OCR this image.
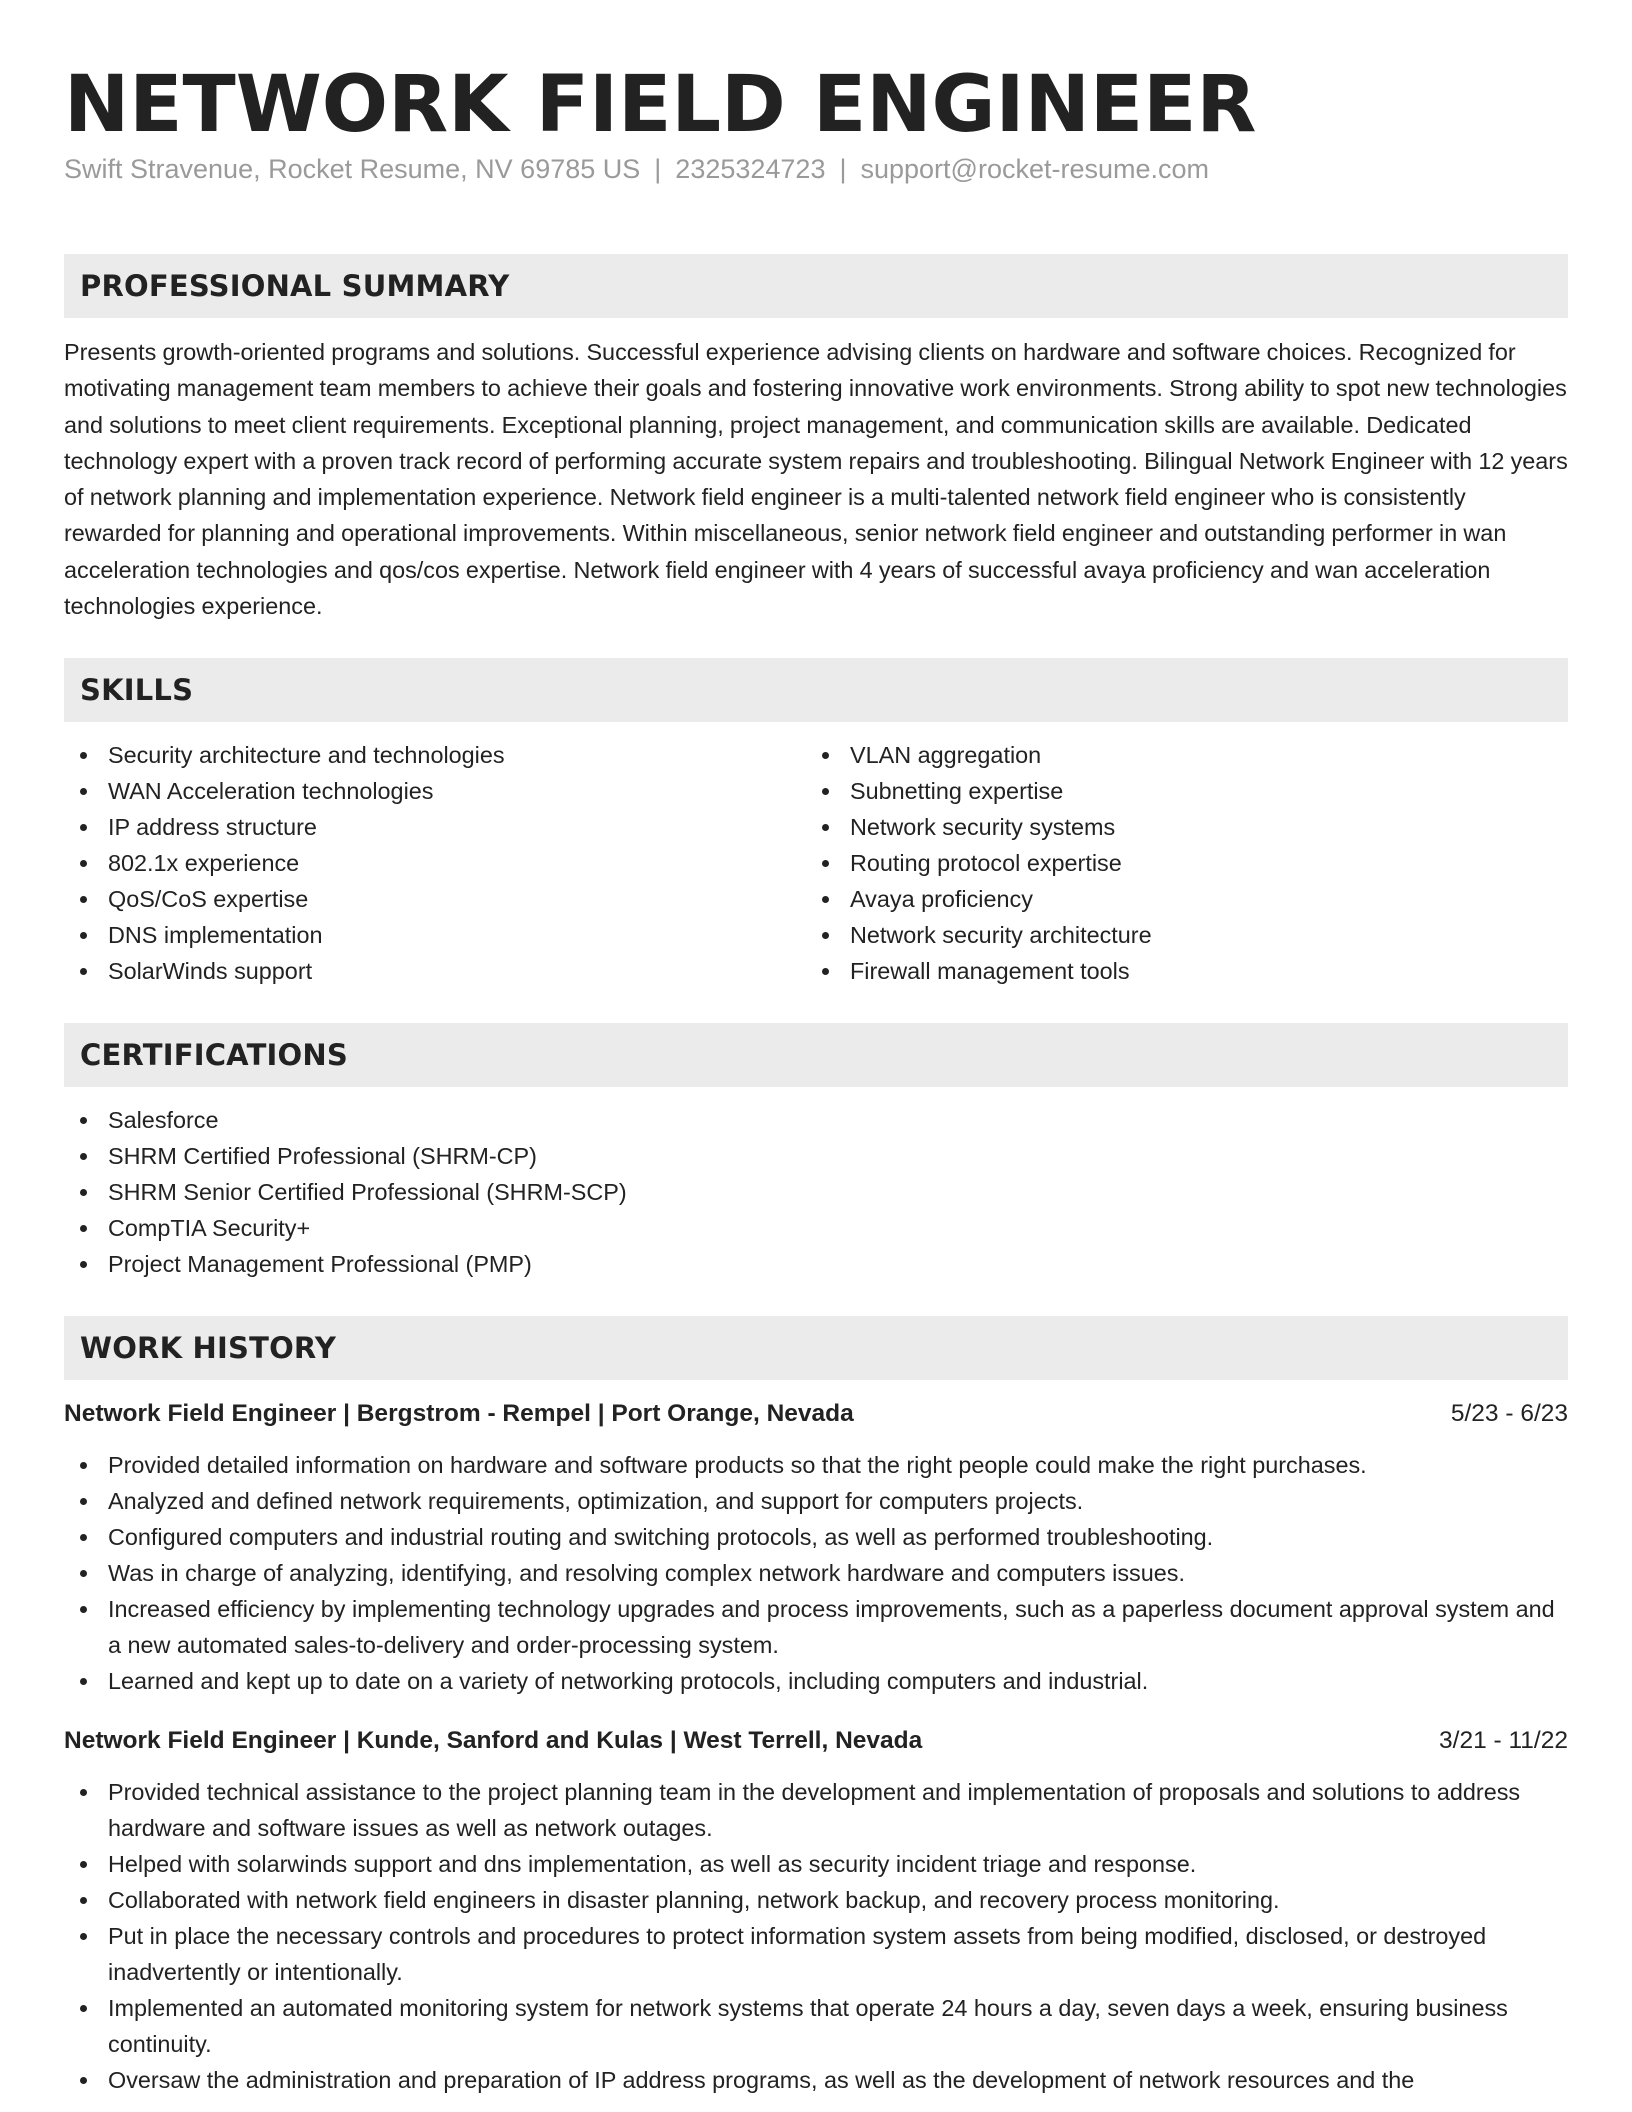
NETWORK FIELD ENGINEER
Swift Stravenue, Rocket Resume, NV 69785 US | 2325324723 | support@rocket-resume.com
PROFESSIONAL SUMMARY

Presents growth-oriented programs and solutions. Successful experience advising clients on hardware and software choices. Recognized for motivating management team members to achieve their goals and fostering innovative work environments. Strong ability to spot new technologies and solutions to meet client requirements. Exceptional planning, project management, and communication skills are available. Dedicated technology expert with a proven track record of performing accurate system repairs and troubleshooting. Bilingual Network Engineer with 12 years of network planning and implementation experience. Network field engineer is a multi-talented network field engineer who is consistently rewarded for planning and operational improvements. Within miscellaneous, senior network field engineer and outstanding performer in wan acceleration technologies and qos/cos expertise. Network field engineer with 4 years of successful avaya proficiency and wan acceleration technologies experience.

SKILLS
Security architecture and technologies
WAN Acceleration technologies
IP address structure
802.1x experience
QoS/CoS expertise
DNS implementation
SolarWinds support
VLAN aggregation
Subnetting expertise
Network security systems
Routing protocol expertise
Avaya proficiency
Network security architecture
Firewall management tools
CERTIFICATIONS
Salesforce
SHRM Certified Professional (SHRM-CP)
SHRM Senior Certified Professional (SHRM-SCP)
CompTIA Security+
Project Management Professional (PMP)
WORK HISTORY
Network Field Engineer | Bergstrom - Rempel | Port Orange, Nevada	5/23 - 6/23
Provided detailed information on hardware and software products so that the right people could make the right purchases.
Analyzed and defined network requirements, optimization, and support for computers projects.
Configured computers and industrial routing and switching protocols, as well as performed troubleshooting.
Was in charge of analyzing, identifying, and resolving complex network hardware and computers issues.
Increased efficiency by implementing technology upgrades and process improvements, such as a paperless document approval system and a new automated sales-to-delivery and order-processing system.
Learned and kept up to date on a variety of networking protocols, including computers and industrial.
Network Field Engineer | Kunde, Sanford and Kulas | West Terrell, Nevada	3/21 - 11/22
Provided technical assistance to the project planning team in the development and implementation of proposals and solutions to address hardware and software issues as well as network outages.
Helped with solarwinds support and dns implementation, as well as security incident triage and response.
Collaborated with network field engineers in disaster planning, network backup, and recovery process monitoring.
Put in place the necessary controls and procedures to protect information system assets from being modified, disclosed, or destroyed inadvertently or intentionally.
Implemented an automated monitoring system for network systems that operate 24 hours a day, seven days a week, ensuring business continuity.
Oversaw the administration and preparation of IP address programs, as well as the development of network resources and the
